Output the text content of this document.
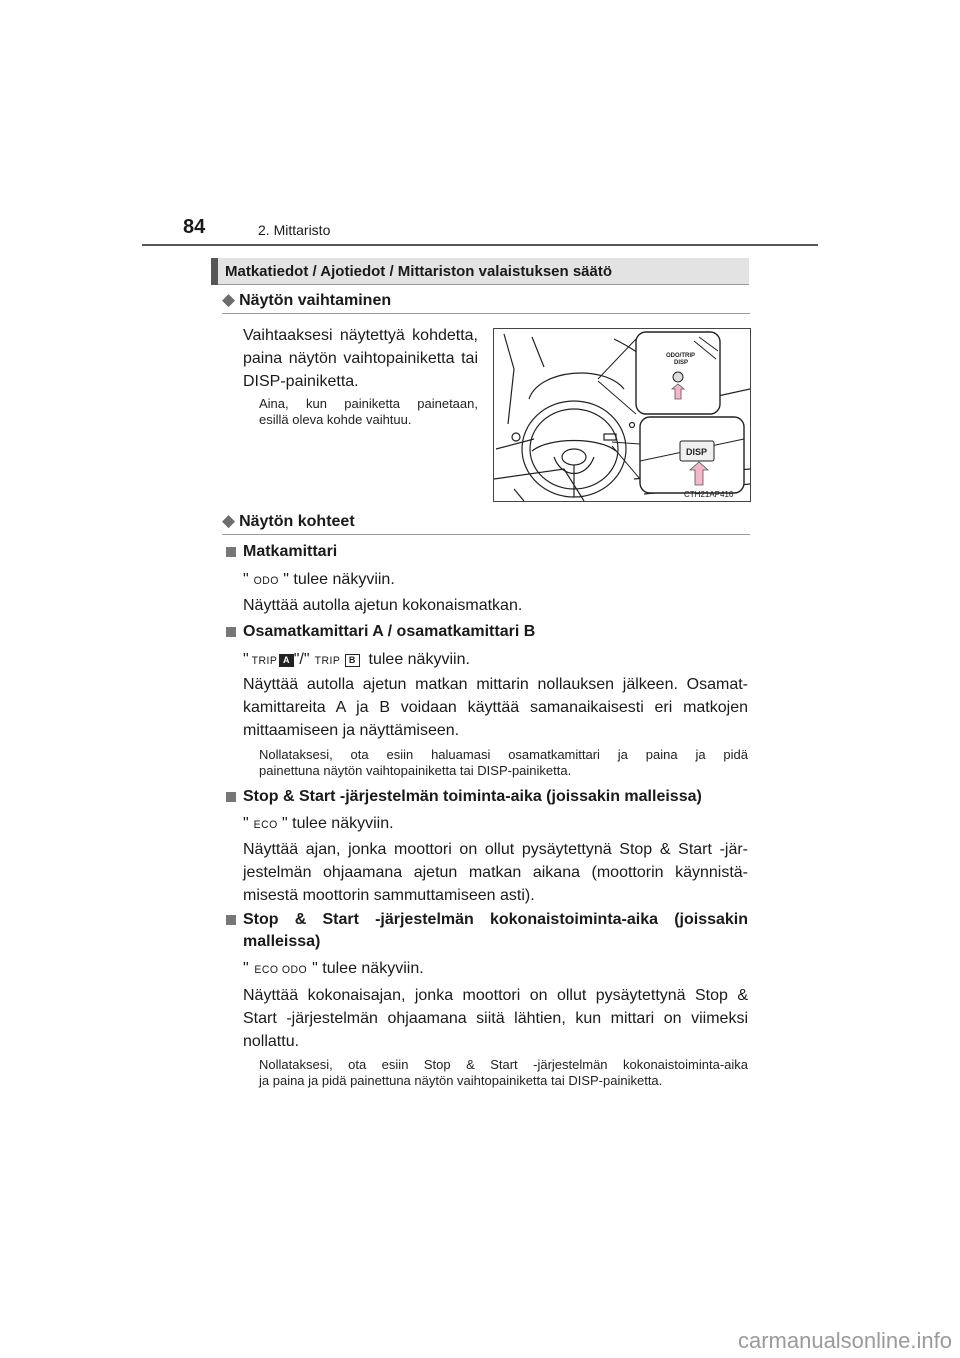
84	2. Mittaristo
Matkatiedot / Ajotiedot / Mittariston valaistuksen säätö
◆ Näytön vaihtaminen
Vaihtaaksesi näytettyä kohdetta,
paina näytön vaihtopainiketta tai
DISP-painiketta.
Aina, kun painiketta painetaan,
esillä oleva kohde vaihtuu.
ODO/TRIP
DISP
DISP
CTH21AP416
◆ Näytön kohteet
Matkamittari
" ODO " tulee näkyviin.
Näyttää autolla ajetun kokonaismatkan.
Osamatkamittari A / osamatkamittari B
" TRIP A "/" TRIP B tulee näkyviin.
Näyttää autolla ajetun matkan mittarin nollauksen jälkeen. Osamat-
kamittareita A ja B voidaan käyttää samanaikaisesti eri matkojen
mittaamiseen ja näyttämiseen.
Nollataksesi, ota esiin haluamasi osamatkamittari ja paina ja pidä
painettuna näytön vaihtopainiketta tai DISP-painiketta.
Stop & Start -järjestelmän toiminta-aika (joissakin malleissa)
" ECO " tulee näkyviin.
Näyttää ajan, jonka moottori on ollut pysäytettynä Stop & Start -jär-
jestelmän ohjaamana ajetun matkan aikana (moottorin käynnistä-
misestä moottorin sammuttamiseen asti).
Stop & Start -järjestelmän kokonaistoiminta-aika (joissakin
malleissa)
" ECO ODO " tulee näkyviin.
Näyttää kokonaisajan, jonka moottori on ollut pysäytettynä Stop &
Start -järjestelmän ohjaamana siitä lähtien, kun mittari on viimeksi
nollattu.
Nollataksesi, ota esiin Stop & Start -järjestelmän kokonaistoiminta-aika
ja paina ja pidä painettuna näytön vaihtopainiketta tai DISP-painiketta.
carmanualsonline.info
